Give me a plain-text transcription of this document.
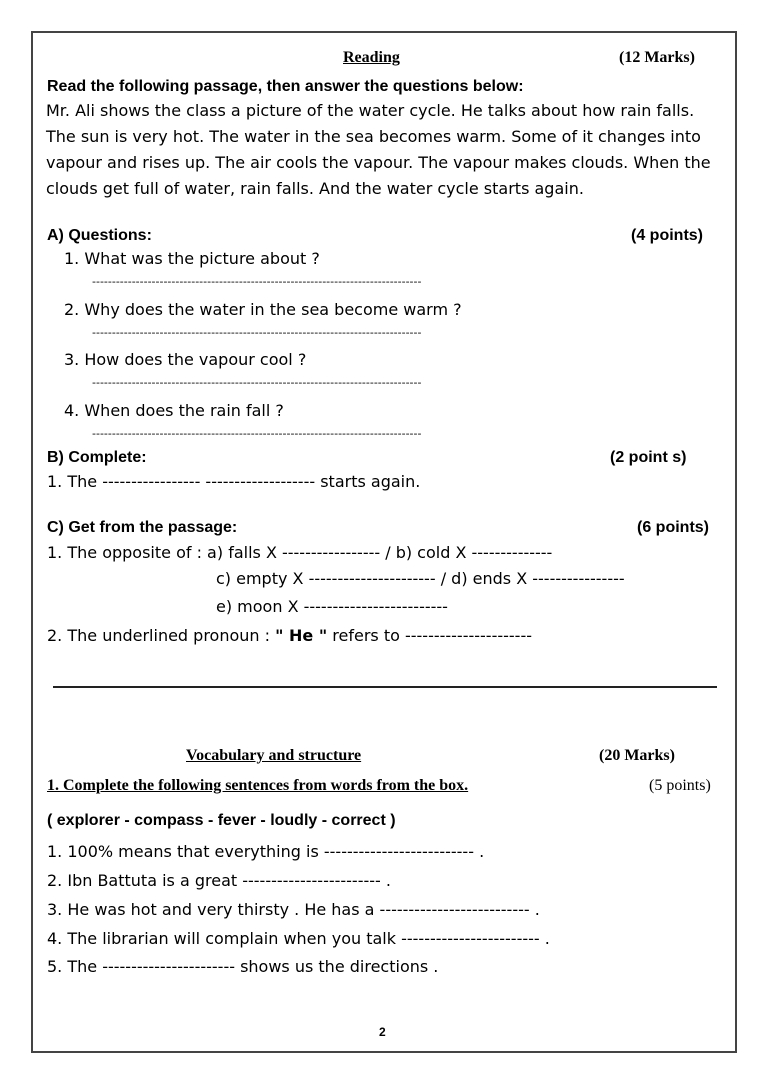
Reading	(12 Marks)
Read the following passage, then answer the questions below:
Mr. Ali shows the class a picture of the water cycle. He talks about how rain falls. The sun is very hot. The water in the sea becomes warm. Some of it changes into vapour and rises up. The air cools the vapour. The vapour makes clouds. When the clouds get full of water, rain falls. And the water cycle starts again.
A) Questions:	(4 points)
1. What was the picture about ?
-----------------------------------------------------------------------------------
2. Why does the water in the sea become warm ?
-----------------------------------------------------------------------------------
3. How does the vapour cool ?
-----------------------------------------------------------------------------------
4. When does the rain fall ?
-----------------------------------------------------------------------------------
B) Complete:	(2 point s)
1. The ----------------- ------------------- starts again.
C) Get from the passage:	(6 points)
1. The opposite of : a) falls X ----------------- / b) cold X --------------
c) empty X ---------------------- / d) ends X ----------------
e) moon X -------------------------
2. The underlined pronoun : " He " refers to ----------------------
Vocabulary and structure	(20 Marks)
1. Complete the following sentences from words from the box.	(5 points)
( explorer - compass - fever - loudly - correct )
1. 100% means that everything is -------------------------- .
2. Ibn Battuta is a great ------------------------ .
3. He was hot and very thirsty . He has a -------------------------- .
4. The librarian will complain when you talk ------------------------ .
5. The ----------------------- shows us the directions .
2
